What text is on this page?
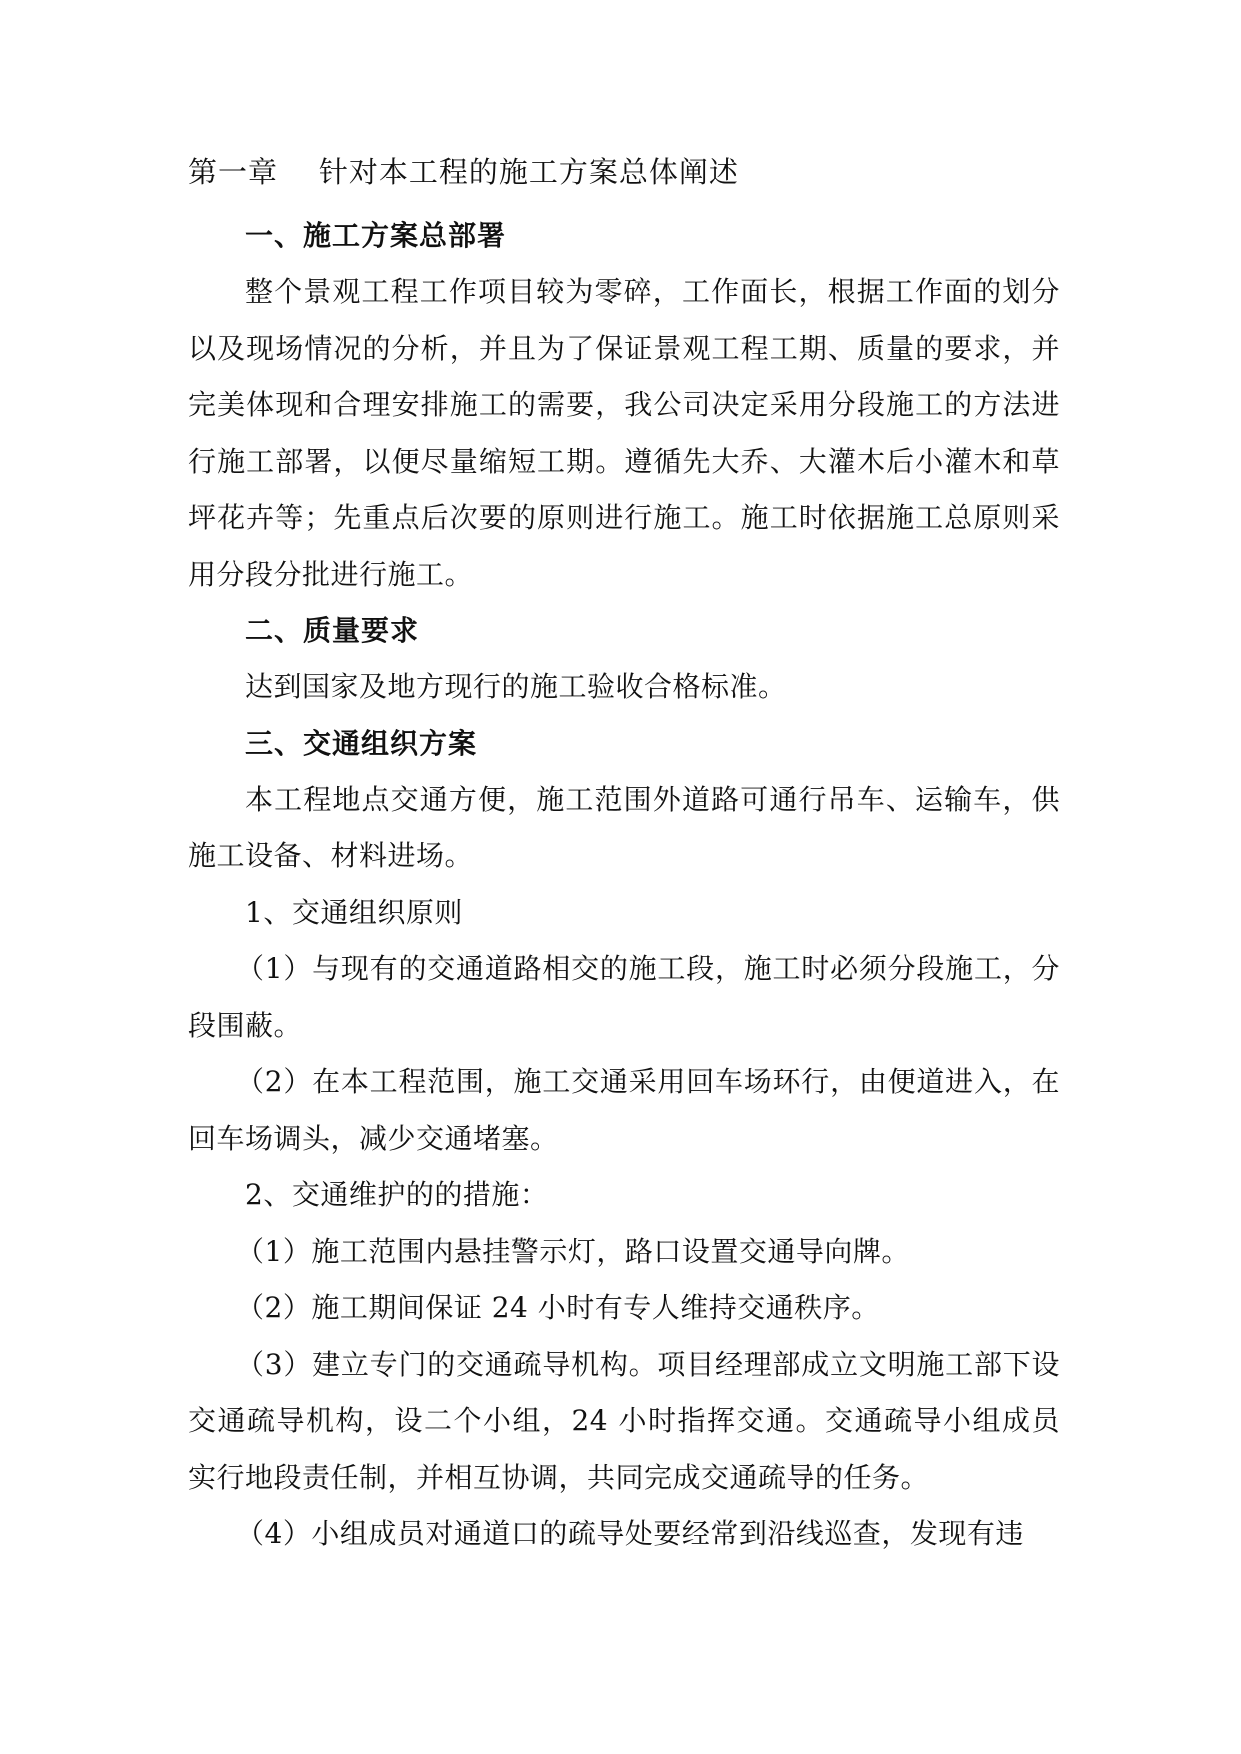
第一章    针对本工程的施工方案总体阐述
一、施工方案总部署

整个景观工程工作项目较为零碎，工作面长，根据工作面的划分以及现场情况的分析，并且为了保证景观工程工期、质量的要求，并完美体现和合理安排施工的需要，我公司决定采用分段施工的方法进行施工部署，以便尽量缩短工期。遵循先大乔、大灌木后小灌木和草坪花卉等；先重点后次要的原则进行施工。施工时依据施工总原则采用分段分批进行施工。

二、质量要求

达到国家及地方现行的施工验收合格标准。

三、交通组织方案

本工程地点交通方便，施工范围外道路可通行吊车、运输车，供施工设备、材料进场。

1、交通组织原则

（1）与现有的交通道路相交的施工段，施工时必须分段施工，分段围蔽。

（2）在本工程范围，施工交通采用回车场环行，由便道进入，在回车场调头，减少交通堵塞。

2、交通维护的的措施：

（1）施工范围内悬挂警示灯，路口设置交通导向牌。

（2）施工期间保证 24 小时有专人维持交通秩序。

（3）建立专门的交通疏导机构。项目经理部成立文明施工部下设交通疏导机构，设二个小组，24 小时指挥交通。交通疏导小组成员实行地段责任制，并相互协调，共同完成交通疏导的任务。

（4）小组成员对通道口的疏导处要经常到沿线巡查，发现有违
